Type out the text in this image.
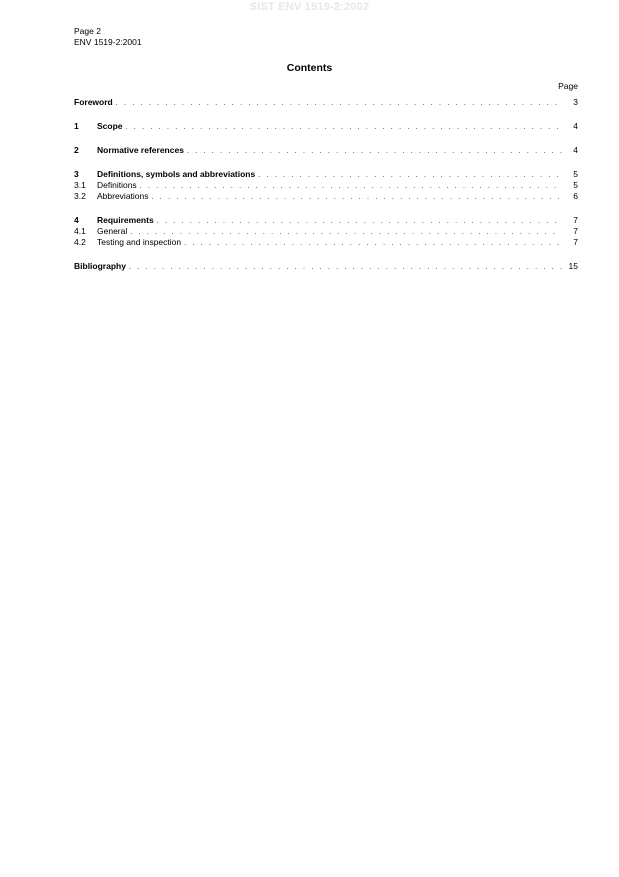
SIST ENV 1519-2:2002
Page 2
ENV 1519-2:2001
Contents
Page
Foreword . . .	3
1	Scope . . .	4
2	Normative references . . .	4
3	Definitions, symbols and abbreviations . . .	5
3.1	Definitions . . .	5
3.2	Abbreviations . . .	6
4	Requirements . . .	7
4.1	General . . .	7
4.2	Testing and inspection . . .	7
Bibliography . . .	15
